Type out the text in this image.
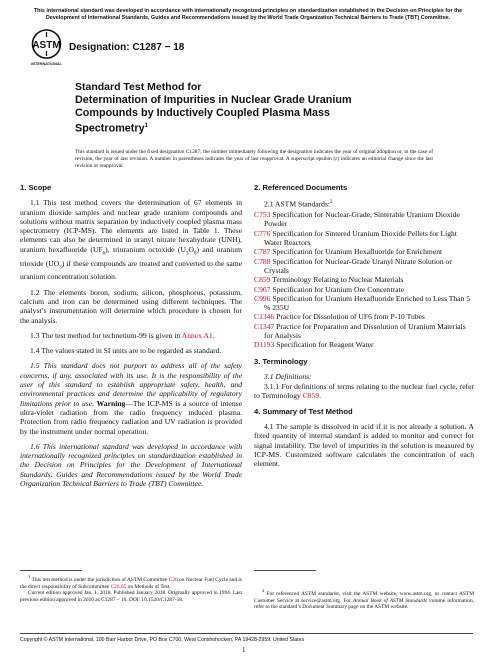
This international standard was developed in accordance with internationally recognized principles on standardization established in the Decision on Principles for the Development of International Standards, Guides and Recommendations issued by the World Trade Organization Technical Barriers to Trade (TBT) Committee.
ASTM
INTERNATIONAL
Designation: C1287 − 18
Standard Test Method for
Determination of Impurities in Nuclear Grade Uranium
Compounds by Inductively Coupled Plasma Mass
Spectrometry$^1$
This standard is issued under the fixed designation C1287; the number immediately following the designation indicates the year of original adoption or, in the case of revision, the year of last revision. A number in parentheses indicates the year of last reapproval. A superscript epsilon (ε) indicates an editorial change since the last revision or reapproval.
1. Scope

1.1 This test method covers the determination of 67 elements in uranium dioxide samples and nuclear grade uranium compounds and solutions without matrix separation by inductively coupled plasma mass spectrometry (ICP-MS). The elements are listed in Table 1. These elements can also be determined in uranyl nitrate hexahydrate (UNH), uranium hexafluoride $(UF_6)$, triuranium octoxide $(U_3O_8)$ and uranium trioxide $(UO_3)$ if these compounds are treated and converted to the same uranium concentration solution.

1.2 The elements boron, sodium, silicon, phosphorus, potassium, calcium and iron can be determined using different techniques. The analyst’s instrumentation will determine which procedure is chosen for the analysis.

1.3 The test method for technetium-99 is given in Annex A1.

1.4 The values stated in SI units are to be regarded as standard.

1.5 This standard does not purport to address all of the safety concerns, if any, associated with its use. It is the responsibility of the user of this standard to establish appropriate safety, health, and environmental practices and determine the applicability of regulatory limitations prior to use. Warning—The ICP-MS is a source of intense ultra-violet radiation from the radio frequency induced plasma. Protection from radio frequency radiation and UV radiation is provided by the instrument under normal operation.

1.6 This international standard was developed in accordance with internationally recognized principles on standardization established in the Decision on Principles for the Development of International Standards, Guides and Recommendations issued by the World Trade Organization Technical Barriers to Trade (TBT) Committee.

2. Referenced Documents

2.1 ASTM Standards:$^2$

C753 Specification for Nuclear-Grade, Sinterable Uranium Dioxide Powder

C776 Specification for Sintered Uranium Dioxide Pellets for Light Water Reactors

C787 Specification for Uranium Hexafluoride for Enrichment

C788 Specification for Nuclear-Grade Uranyl Nitrate Solution or Crystals

C859 Terminology Relating to Nuclear Materials

C967 Specification for Uranium Ore Concentrate

C996 Specification for Uranium Hexafluoride Enriched to Less Than 5 % 235U

C1346 Practice for Dissolution of UF6 from P-10 Tubes

C1347 Practice for Preparation and Dissolution of Uranium Materials for Analysis

D1193 Specification for Reagent Water

3. Terminology

3.1 Definitions:

3.1.1 For definitions of terms relating to the nuclear fuel cycle, refer to Terminology C859.

4. Summary of Test Method

4.1 The sample is dissolved in acid if it is not already a solution. A fixed quantity of internal standard is added to monitor and correct for signal instability. The level of impurities in the solution is measured by ICP-MS. Customized software calculates the concentration of each element.

$^1$ This test method is under the jurisdiction of ASTM Committee C26 on Nuclear Fuel Cycle and is the direct responsibility of Subcommittee C26.05 on Methods of Test.
Current edition approved Jan. 1, 2018. Published January 2018. Originally approved in 1994. Last previous edition approved in 2010 as C1287 – 10. DOI: 10.1520/C1287-18.
$^2$ For referenced ASTM standards, visit the ASTM website, www.astm.org, or contact ASTM Customer Service at service@astm.org. For Annual Book of ASTM Standards volume information, refer to the standard’s Document Summary page on the ASTM website.
Copyright © ASTM International, 100 Barr Harbor Drive, PO Box C700, West Conshohocken, PA 19428-2959. United States
1
